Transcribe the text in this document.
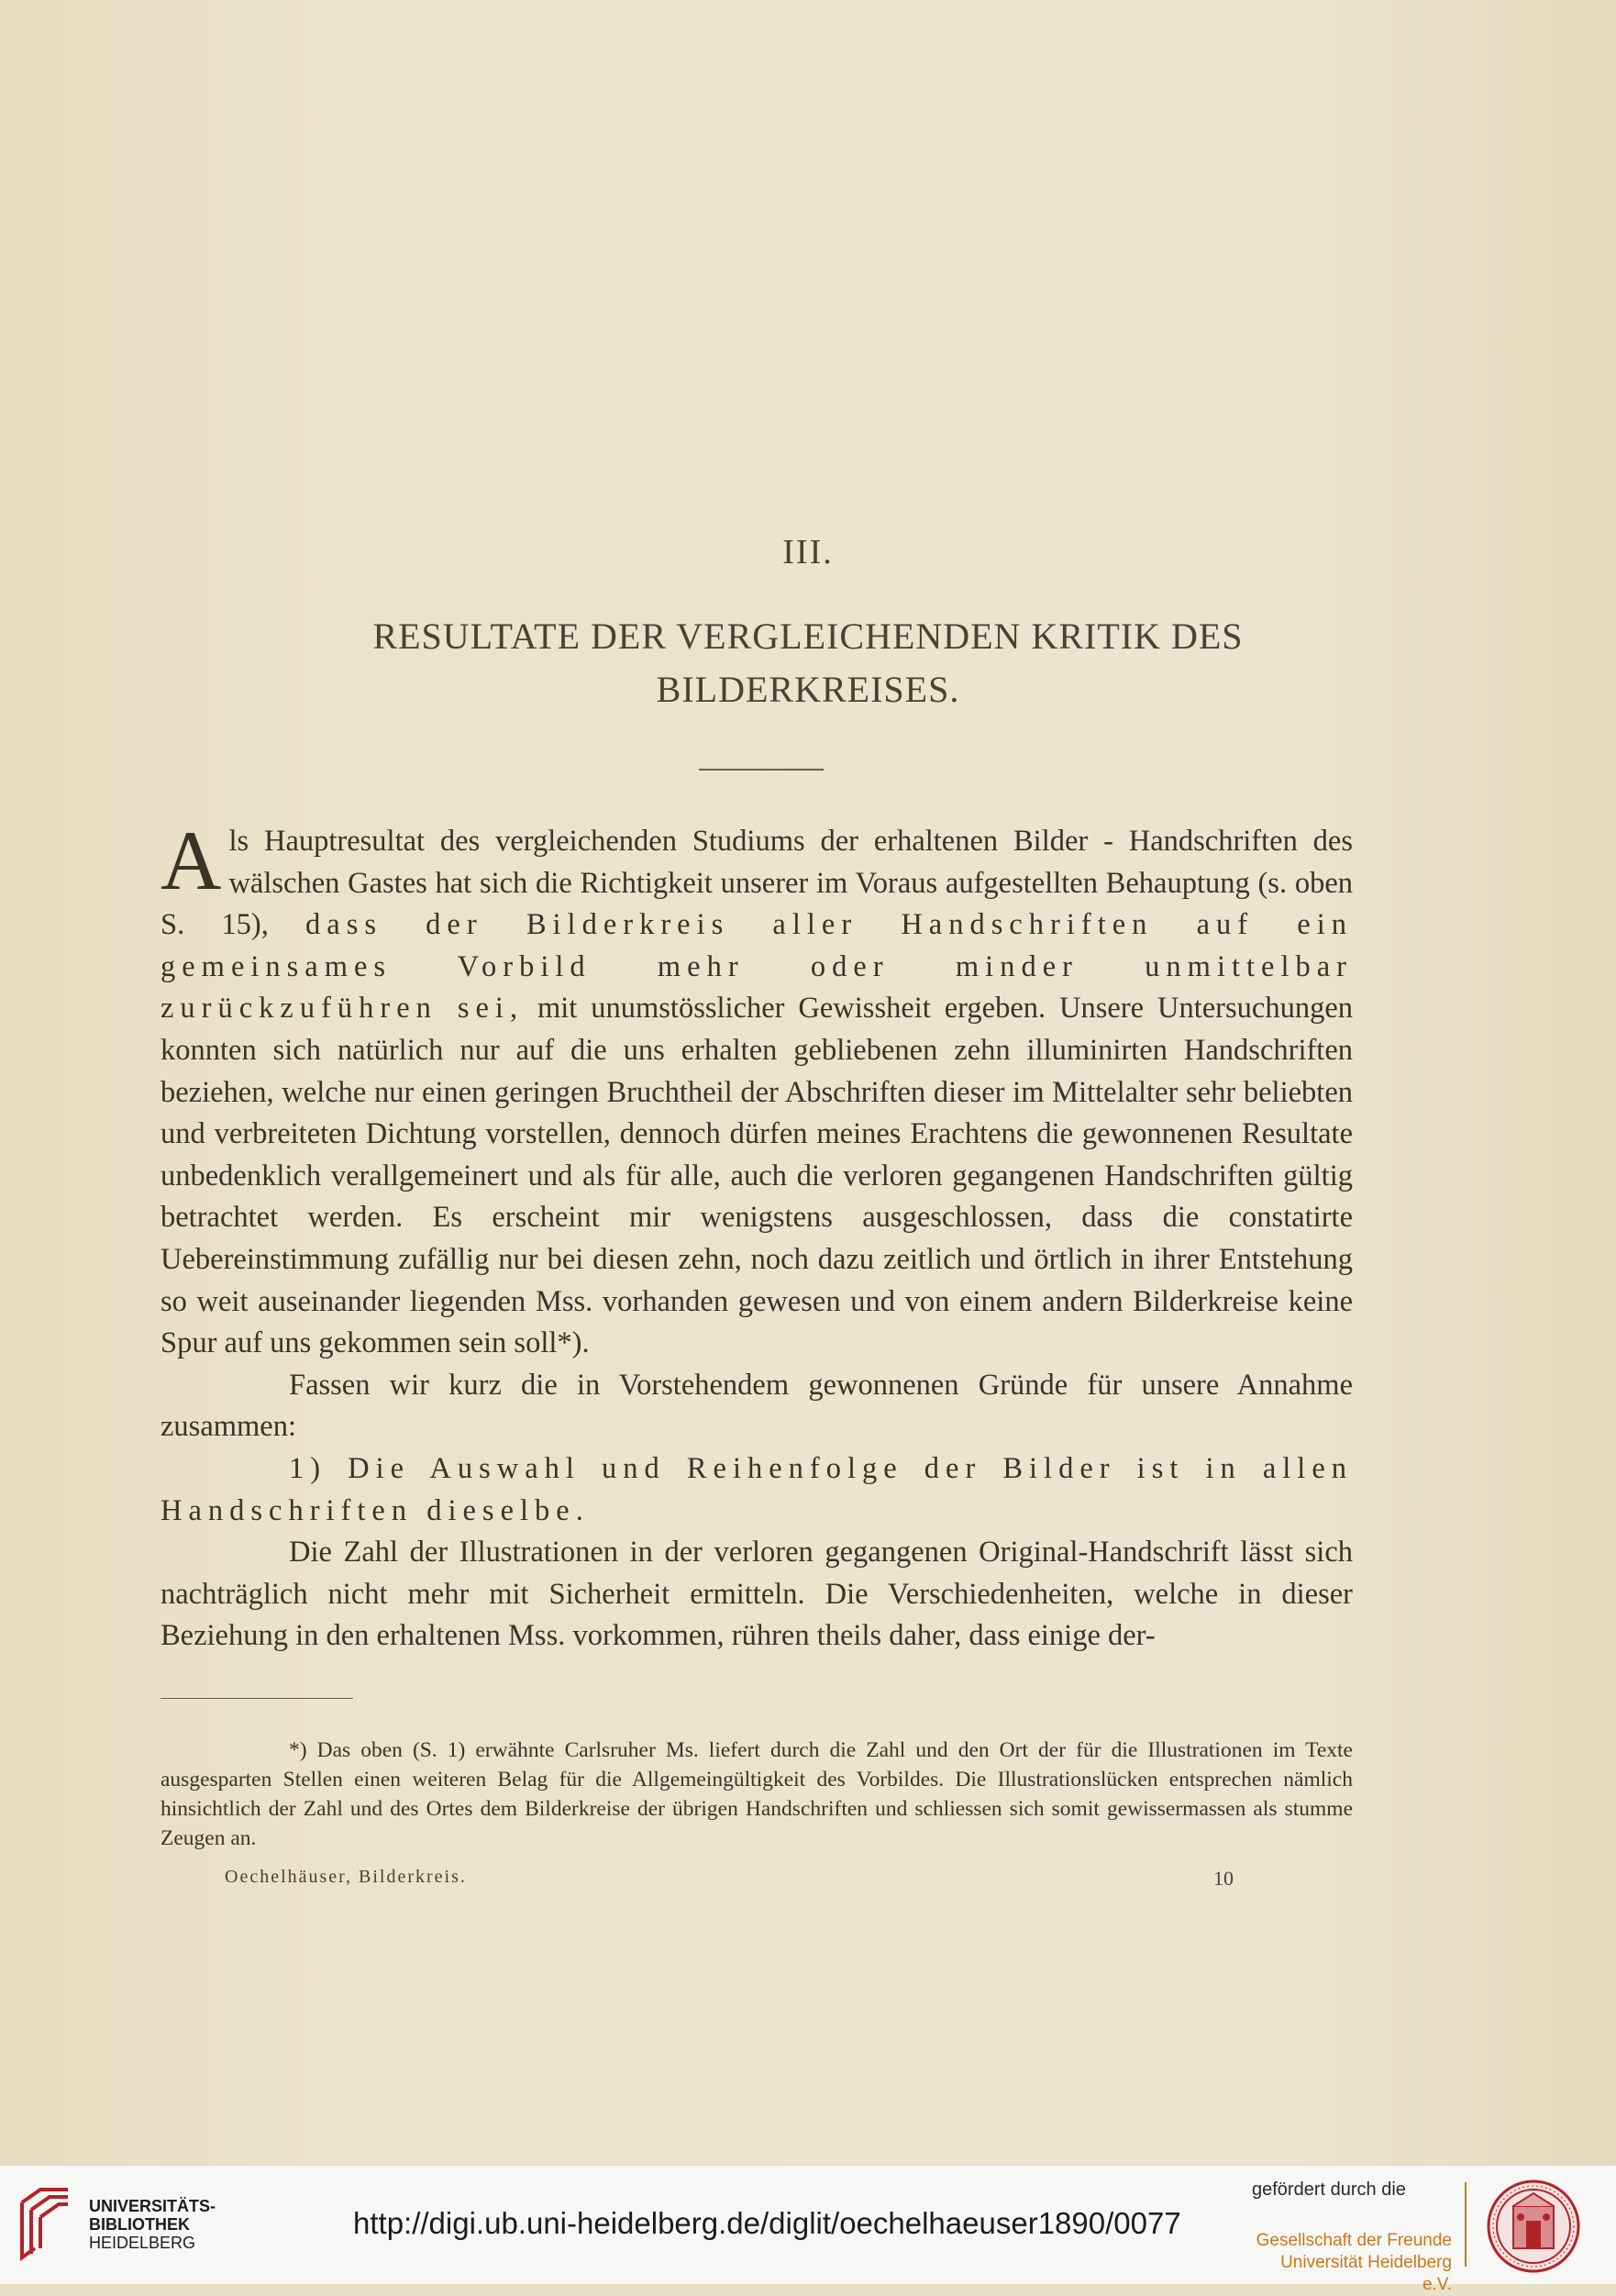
III.
RESULTATE DER VERGLEICHENDEN KRITIK DES
BILDERKREISES.

Als Hauptresultat des vergleichenden Studiums der erhaltenen Bilder - Handschriften des wälschen Gastes hat sich die Richtigkeit unserer im Voraus aufgestellten Behauptung (s. oben S. 15), dass der Bilderkreis aller Handschriften auf ein gemeinsames Vorbild mehr oder minder unmittelbar zurückzuführen sei, mit unumstösslicher Gewissheit ergeben. Unsere Untersuchungen konnten sich natürlich nur auf die uns erhalten gebliebenen zehn illuminirten Handschriften beziehen, welche nur einen geringen Bruchtheil der Abschriften dieser im Mittelalter sehr beliebten und verbreiteten Dichtung vorstellen, dennoch dürfen meines Erachtens die gewonnenen Resultate unbedenklich verallgemeinert und als für alle, auch die verloren gegangenen Handschriften gültig betrachtet werden. Es erscheint mir wenigstens ausgeschlossen, dass die constatirte Uebereinstimmung zufällig nur bei diesen zehn, noch dazu zeitlich und örtlich in ihrer Entstehung so weit auseinander liegenden Mss. vorhanden gewesen und von einem andern Bilderkreise keine Spur auf uns gekommen sein soll*).

Fassen wir kurz die in Vorstehendem gewonnenen Gründe für unsere Annahme zusammen:

1) Die Auswahl und Reihenfolge der Bilder ist in allen Handschriften dieselbe.

Die Zahl der Illustrationen in der verloren gegangenen Original-Handschrift lässt sich nachträglich nicht mehr mit Sicherheit ermitteln. Die Verschiedenheiten, welche in dieser Beziehung in den erhaltenen Mss. vorkommen, rühren theils daher, dass einige der-

*) Das oben (S. 1) erwähnte Carlsruher Ms. liefert durch die Zahl und den Ort der für die Illustrationen im Texte ausgesparten Stellen einen weiteren Belag für die Allgemeingültigkeit des Vorbildes. Die Illustrationslücken entsprechen nämlich hinsichtlich der Zahl und des Ortes dem Bilderkreise der übrigen Handschriften und schliessen sich somit gewissermassen als stumme Zeugen an.
Oechelhäuser, Bilderkreis.	10
UNIVERSITÄTS-
BIBLIOTHEK
HEIDELBERG
http://digi.ub.uni-heidelberg.de/diglit/oechelhaeuser1890/0077
gefördert durch die
Gesellschaft der Freunde
Universität Heidelberg e.V.
